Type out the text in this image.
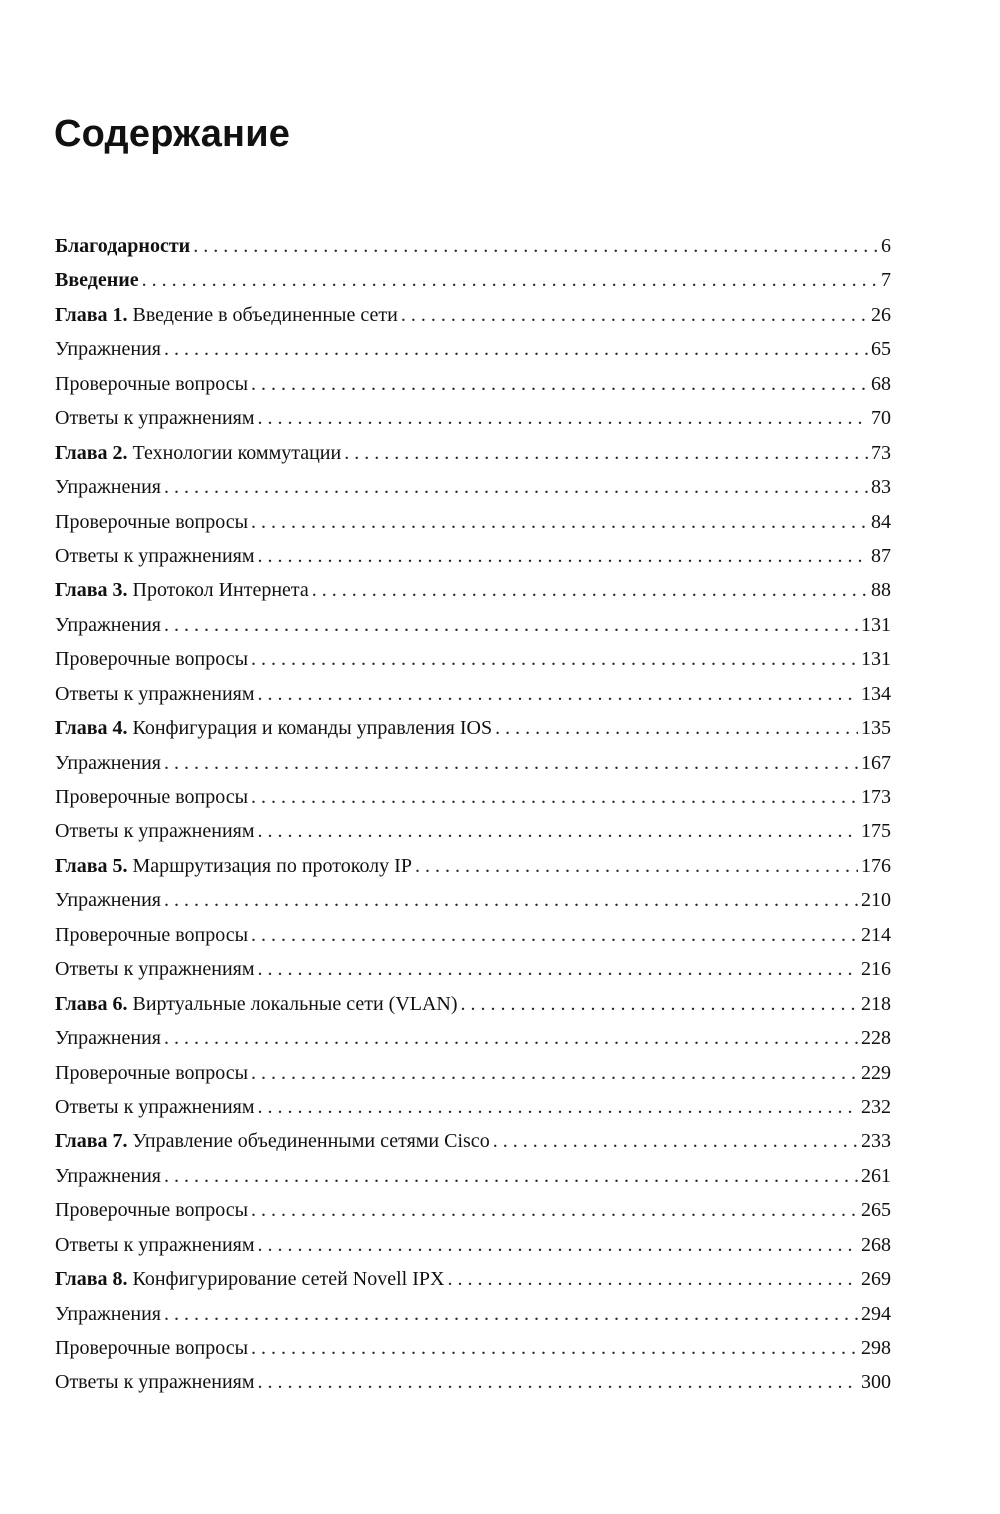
Содержание
Благодарности . . .	6
Введение . . .	7
Глава 1. Введение в объединенные сети . . .	26
Упражнения . . .	65
Проверочные вопросы . . .	68
Ответы к упражнениям . . .	70
Глава 2. Технологии коммутации . . .	73
Упражнения . . .	83
Проверочные вопросы . . .	84
Ответы к упражнениям . . .	87
Глава 3. Протокол Интернета . . .	88
Упражнения . . .	131
Проверочные вопросы . . .	131
Ответы к упражнениям . . .	134
Глава 4. Конфигурация и команды управления IOS . . .	135
Упражнения . . .	167
Проверочные вопросы . . .	173
Ответы к упражнениям . . .	175
Глава 5. Маршрутизация по протоколу IP . . .	176
Упражнения . . .	210
Проверочные вопросы . . .	214
Ответы к упражнениям . . .	216
Глава 6. Виртуальные локальные сети (VLAN) . . .	218
Упражнения . . .	228
Проверочные вопросы . . .	229
Ответы к упражнениям . . .	232
Глава 7. Управление объединенными сетями Cisco . . .	233
Упражнения . . .	261
Проверочные вопросы . . .	265
Ответы к упражнениям . . .	268
Глава 8. Конфигурирование сетей Novell IPX . . .	269
Упражнения . . .	294
Проверочные вопросы . . .	298
Ответы к упражнениям . . .	300
